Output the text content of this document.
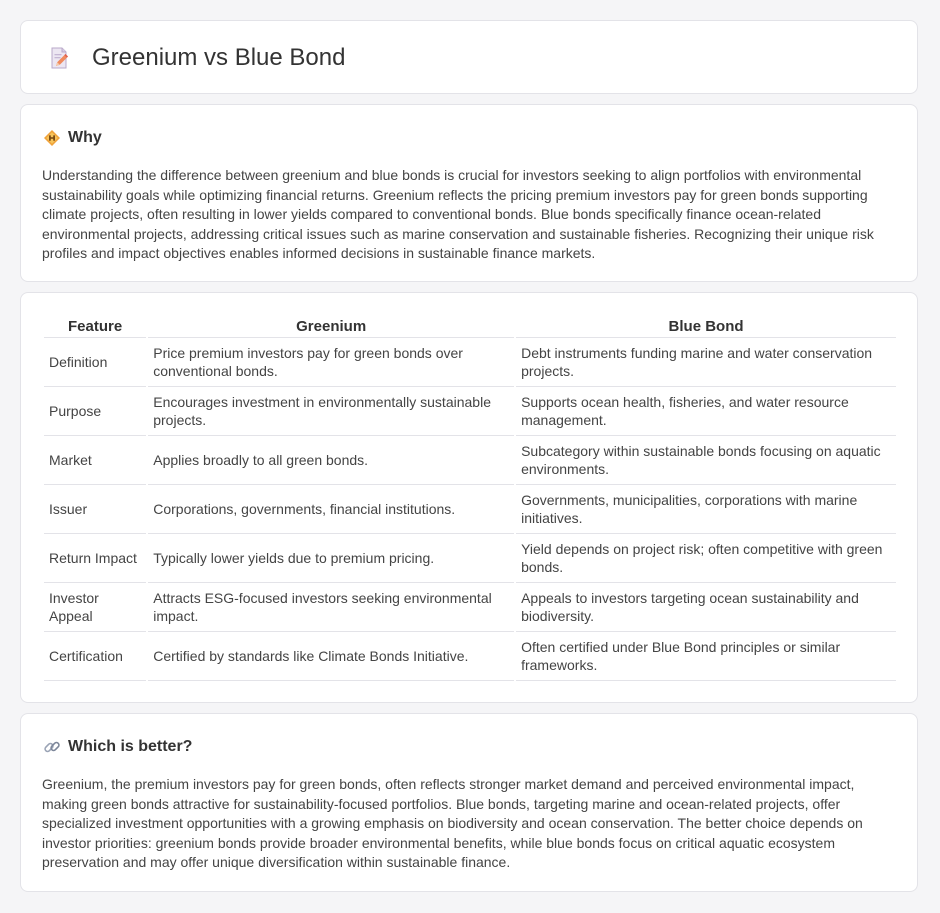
Greenium vs Blue Bond
Why

Understanding the difference between greenium and blue bonds is crucial for investors seeking to align portfolios with environmental sustainability goals while optimizing financial returns. Greenium reflects the pricing premium investors pay for green bonds supporting climate projects, often resulting in lower yields compared to conventional bonds. Blue bonds specifically finance ocean-related environmental projects, addressing critical issues such as marine conservation and sustainable fisheries. Recognizing their unique risk profiles and impact objectives enables informed decisions in sustainable finance markets.

Feature	Greenium	Blue Bond
Definition	Price premium investors pay for green bonds over conventional bonds.	Debt instruments funding marine and water conservation projects.
Purpose	Encourages investment in environmentally sustainable projects.	Supports ocean health, fisheries, and water resource management.
Market	Applies broadly to all green bonds.	Subcategory within sustainable bonds focusing on aquatic environments.
Issuer	Corporations, governments, financial institutions.	Governments, municipalities, corporations with marine initiatives.
Return Impact	Typically lower yields due to premium pricing.	Yield depends on project risk; often competitive with green bonds.
Investor Appeal	Attracts ESG-focused investors seeking environmental impact.	Appeals to investors targeting ocean sustainability and biodiversity.
Certification	Certified by standards like Climate Bonds Initiative.	Often certified under Blue Bond principles or similar frameworks.
Which is better?

Greenium, the premium investors pay for green bonds, often reflects stronger market demand and perceived environmental impact, making green bonds attractive for sustainability-focused portfolios. Blue bonds, targeting marine and ocean-related projects, offer specialized investment opportunities with a growing emphasis on biodiversity and ocean conservation. The better choice depends on investor priorities: greenium bonds provide broader environmental benefits, while blue bonds focus on critical aquatic ecosystem preservation and may offer unique diversification within sustainable finance.
